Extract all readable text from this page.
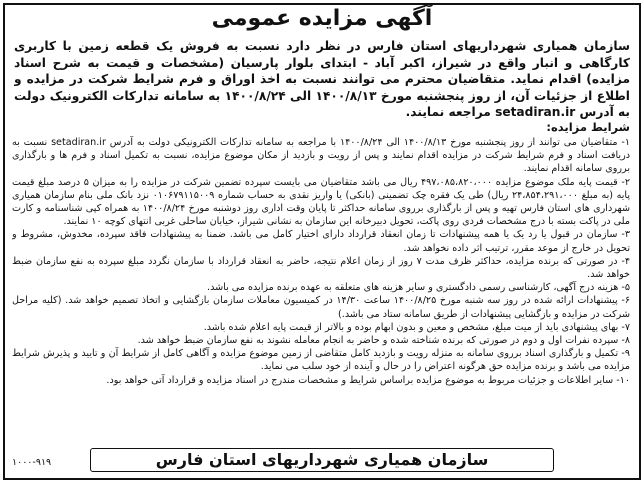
آگهی مزایده عمومی
سازمان همیاری شهرداریهای استان فارس در نظر دارد نسبت به فروش یک قطعه زمین با کاربری کارگاهی و انبار واقع در شیراز، اکبر آباد - ابتدای بلوار پارسیان (مشخصات و قیمت به شرح اسناد مزایده) اقدام نماید. متقاضیان محترم می توانند نسبت به اخذ اوراق و فرم شرایط شرکت در مزایده و اطلاع از جزئیات آن، از روز پنجشنبه مورخ ۱۴۰۰/۸/۱۳ الی ۱۴۰۰/۸/۲۴ به سامانه تدارکات الکترونیک دولت به آدرس setadiran.ir مراجعه نمایند.
شرایط مزایده:
۱- متقاضیان می توانند از روز پنجشنبه مورخ ۱۴۰۰/۸/۱۳ الی ۱۴۰۰/۸/۲۴ با مراجعه به سامانه تدارکات الکترونیکی دولت به آدرس setadiran.ir نسبت به دریافت اسناد و فرم شرایط شرکت در مزایده اقدام نمایند و پس از رویت و بازدید از مکان موضوع مزایده، نسبت به تکمیل اسناد و فرم ها و بارگذاری برروی سامانه اقدام نمایند.
۲- قیمت پایه ملک موضوع مزایده ۴۹۷،۰۸۵،۸۲۰،۰۰۰ ریال می باشد متقاضیان می بایست سپرده تضمین شرکت در مزایده را به میزان ۵ درصد مبلغ قیمت پایه (به مبلغ ۲۴،۸۵۴،۲۹۱،۰۰۰ ریال) طی یک فقره چک تضمینی (بانکی) یا واریز نقدی به حساب شماره ۰۱۰۶۷۹۱۱۵۰۰۹ نزد بانک ملی بنام سازمان همیاری شهرداری های استان فارس تهیه و پس از بارگذاری برروی سامانه حداکثر تا پایان وقت اداری روز دوشنبه مورخ ۱۴۰۰/۸/۲۴ به همراه کپی شناسنامه و کارت ملی در پاکت بسته با درج مشخصات فردی روی پاکت، تحویل دبیرخانه این سازمان به نشانی شیراز، خیابان ساحلی غربی انتهای کوچه ۱۰ نمایند.
۳- سازمان در قبول یا رد یک یا همه پیشنهادات تا زمان انعقاد قرارداد دارای اختیار کامل می باشد. ضمنا به پیشنهادات فاقد سپرده، مخدوش، مشروط و تحویل در خارج از موعد مقرر، ترتیب اثر داده نخواهد شد.
۴- در صورتی که برنده مزایده، حداکثر ظرف مدت ۷ روز از زمان اعلام نتیجه، حاضر به انعقاد قرارداد با سازمان نگردد مبلغ سپرده به نفع سازمان ضبط خواهد شد.
۵- هزینه درج آگهی، کارشناسی رسمی دادگستری و سایر هزینه های متعلقه به عهده برنده مزایده می باشد.
۶- پیشنهادات ارائه شده در روز سه شنبه مورخ ۱۴۰۰/۸/۲۵ ساعت ۱۴/۳۰ در کمیسیون معاملات سازمان بازگشایی و اتخاذ تصمیم خواهد شد. (کلیه مراحل شرکت در مزایده و بازگشایی پیشنهادات از طریق سامانه ستاد می باشد.)
۷- بهای پیشنهادی باید از میت مبلغ، مشخص و معین و بدون ابهام بوده و بالاتر از قیمت پایه اعلام شده باشد.
۸- سپرده نفرات اول و دوم در صورتی که برنده شناخته شده و حاضر به انجام معامله نشوند به نفع سازمان ضبط خواهد شد.
۹- تکمیل و بارگذاری اسناد برروی سامانه به منزله رویت و بازدید کامل متقاضی از زمین موضوع مزایده و آگاهی کامل از شرایط آن و تایید و پذیرش شرایط مزایده می باشد و برنده مزایده حق هرگونه اعتراض را در حال و آینده از خود سلب می نماید.
۱۰- سایر اطلاعات و جزئیات مربوط به موضوع مزایده براساس شرایط و مشخصات مندرج در اسناد مزایده و قرارداد آتی خواهد بود.
سازمان همیاری شهرداریهای استان فارس
۱۰۰۰-۹۱۹
